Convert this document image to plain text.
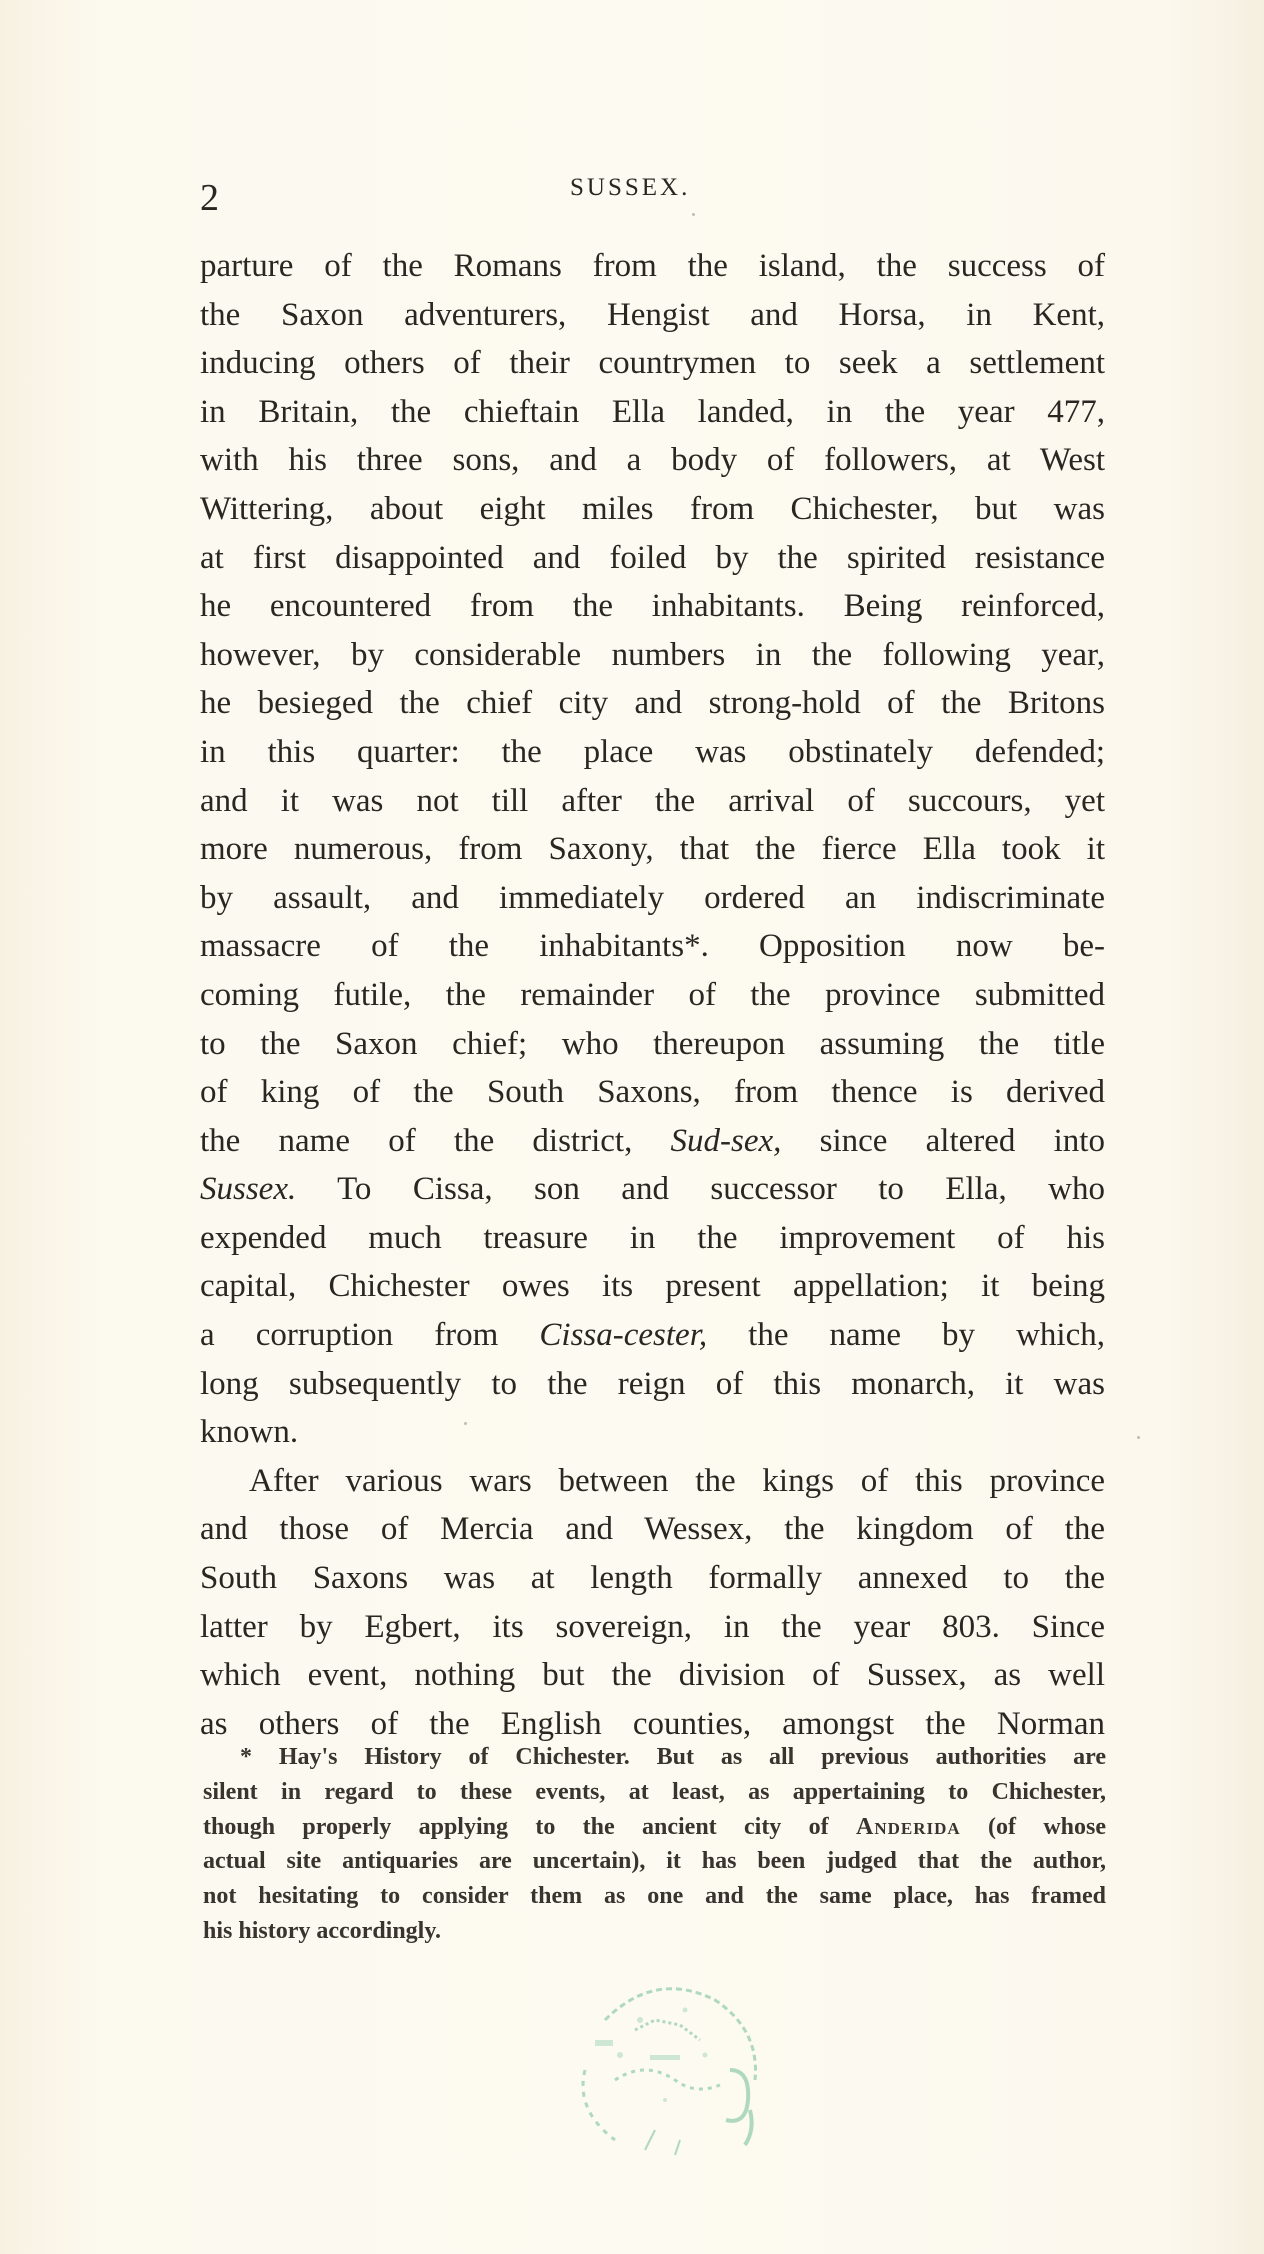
2	SUSSEX.
parture of the Romans from the island, the success of
the Saxon adventurers, Hengist and Horsa, in Kent,
inducing others of their countrymen to seek a settlement
in Britain, the chieftain Ella landed, in the year 477,
with his three sons, and a body of followers, at West
Wittering, about eight miles from Chichester, but was
at first disappointed and foiled by the spirited resistance
he encountered from the inhabitants. Being reinforced,
however, by considerable numbers in the following year,
he besieged the chief city and strong-hold of the Britons
in this quarter: the place was obstinately defended;
and it was not till after the arrival of succours, yet
more numerous, from Saxony, that the fierce Ella took it
by assault, and immediately ordered an indiscriminate
massacre of the inhabitants*. Opposition now be-
coming futile, the remainder of the province submitted
to the Saxon chief; who thereupon assuming the title
of king of the South Saxons, from thence is derived
the name of the district, Sud-sex, since altered into
Sussex. To Cissa, son and successor to Ella, who
expended much treasure in the improvement of his
capital, Chichester owes its present appellation; it being
a corruption from Cissa-cester, the name by which,
long subsequently to the reign of this monarch, it was
known.
After various wars between the kings of this province
and those of Mercia and Wessex, the kingdom of the
South Saxons was at length formally annexed to the
latter by Egbert, its sovereign, in the year 803. Since
which event, nothing but the division of Sussex, as well
as others of the English counties, amongst the Norman
* Hay's History of Chichester. But as all previous authorities are
silent in regard to these events, at least, as appertaining to Chichester,
though properly applying to the ancient city of Anderida (of whose
actual site antiquaries are uncertain), it has been judged that the author,
not hesitating to consider them as one and the same place, has framed
his history accordingly.
